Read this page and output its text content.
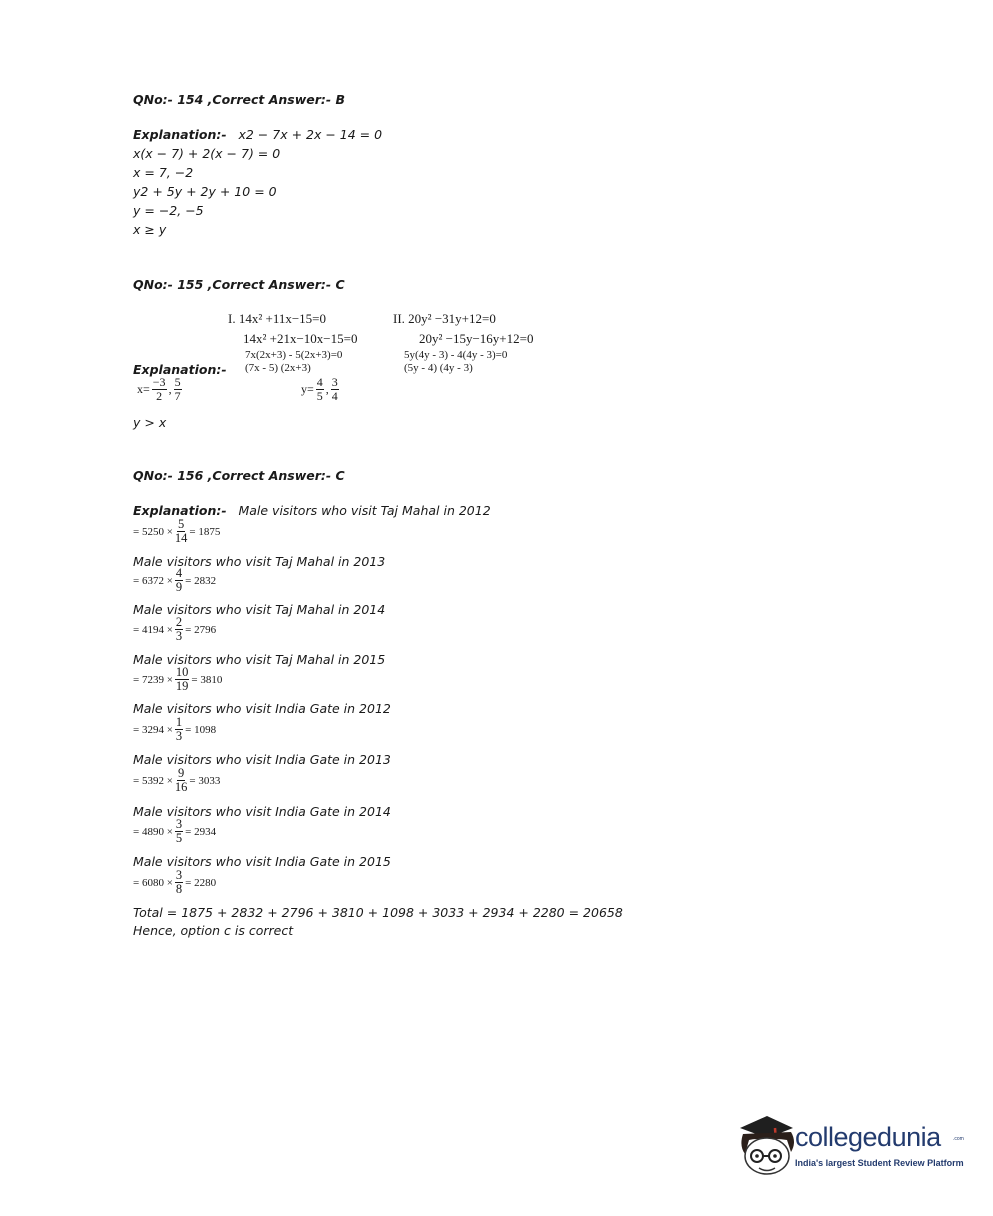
QNo:- 154 ,Correct Answer:- B
Explanation:- x2 − 7x + 2x − 14 = 0
x(x − 7) + 2(x − 7) = 0
x = 7, −2
y2 + 5y + 2y + 10 = 0
y = −2, −5
x ≥ y
QNo:- 155 ,Correct Answer:- C
I. 14x² +11x−15=0
14x² +21x−10x−15=0
7x(2x+3) - 5(2x+3)=0
(7x - 5) (2x+3)
II. 20y² −31y+12=0
20y² −15y−16y+12=0
5y(4y - 3) - 4(4y - 3)=0
(5y - 4) (4y - 3)
Explanation:-
$x= \frac{-3}{2}$ , $\frac{5}{7}$	$y= \frac{4}{5}$ , $\frac{3}{4}$
y > x
QNo:- 156 ,Correct Answer:- C
Explanation:- Male visitors who visit Taj Mahal in 2012
= $5250 \times \frac{5}{14} = 1875$
Male visitors who visit Taj Mahal in 2013
= $6372 \times \frac{4}{9} = 2832$
Male visitors who visit Taj Mahal in 2014
= $4194 \times \frac{2}{3} = 2796$
Male visitors who visit Taj Mahal in 2015
= $7239 \times \frac{10}{19} = 3810$
Male visitors who visit India Gate in 2012
= $3294 \times \frac{1}{3} = 1098$
Male visitors who visit India Gate in 2013
= $5392 \times \frac{9}{16} = 3033$
Male visitors who visit India Gate in 2014
= $4890 \times \frac{3}{5} = 2934$
Male visitors who visit India Gate in 2015
= $6080 \times \frac{3}{8} = 2280$
Total = 1875 + 2832 + 2796 + 3810 + 1098 + 3033 + 2934 + 2280 = 20658
Hence, option c is correct
collegedunia .com
India's largest Student Review Platform
